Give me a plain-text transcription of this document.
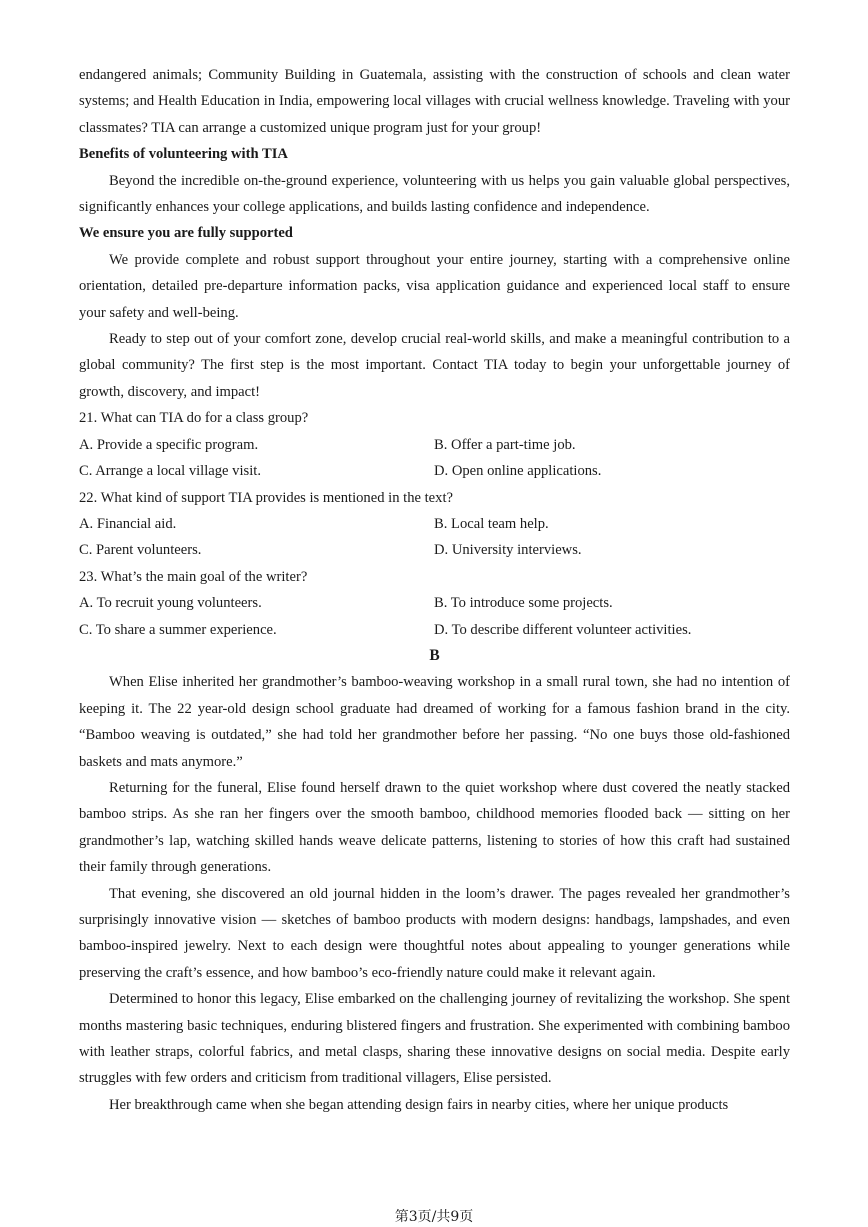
endangered animals; Community Building in Guatemala, assisting with the construction of schools and clean water systems; and Health Education in India, empowering local villages with crucial wellness knowledge. Traveling with your classmates? TIA can arrange a customized unique program just for your group!

Benefits of volunteering with TIA

Beyond the incredible on-the-ground experience, volunteering with us helps you gain valuable global perspectives, significantly enhances your college applications, and builds lasting confidence and independence.

We ensure you are fully supported

We provide complete and robust support throughout your entire journey, starting with a comprehensive online orientation, detailed pre-departure information packs, visa application guidance and experienced local staff to ensure your safety and well-being.

Ready to step out of your comfort zone, develop crucial real-world skills, and make a meaningful contribution to a global community? The first step is the most important. Contact TIA today to begin your unforgettable journey of growth, discovery, and impact!

21. What can TIA do for a class group?

A. Provide a specific program.	B. Offer a part-time job.
C. Arrange a local village visit.	D. Open online applications.

22. What kind of support TIA provides is mentioned in the text?

A. Financial aid.	B. Local team help.
C. Parent volunteers.	D. University interviews.

23. What’s the main goal of the writer?

A. To recruit young volunteers.	B. To introduce some projects.
C. To share a summer experience.	D. To describe different volunteer activities.

B

When Elise inherited her grandmother’s bamboo-weaving workshop in a small rural town, she had no intention of keeping it. The 22 year-old design school graduate had dreamed of working for a famous fashion brand in the city. “Bamboo weaving is outdated,” she had told her grandmother before her passing. “No one buys those old-fashioned baskets and mats anymore.”

Returning for the funeral, Elise found herself drawn to the quiet workshop where dust covered the neatly stacked bamboo strips. As she ran her fingers over the smooth bamboo, childhood memories flooded back — sitting on her grandmother’s lap, watching skilled hands weave delicate patterns, listening to stories of how this craft had sustained their family through generations.

That evening, she discovered an old journal hidden in the loom’s drawer. The pages revealed her grandmother’s surprisingly innovative vision — sketches of bamboo products with modern designs: handbags, lampshades, and even bamboo-inspired jewelry. Next to each design were thoughtful notes about appealing to younger generations while preserving the craft’s essence, and how bamboo’s eco-friendly nature could make it relevant again.

Determined to honor this legacy, Elise embarked on the challenging journey of revitalizing the workshop. She spent months mastering basic techniques, enduring blistered fingers and frustration. She experimented with combining bamboo with leather straps, colorful fabrics, and metal clasps, sharing these innovative designs on social media. Despite early struggles with few orders and criticism from traditional villagers, Elise persisted.

Her breakthrough came when she began attending design fairs in nearby cities, where her unique products

第3页/共9页
